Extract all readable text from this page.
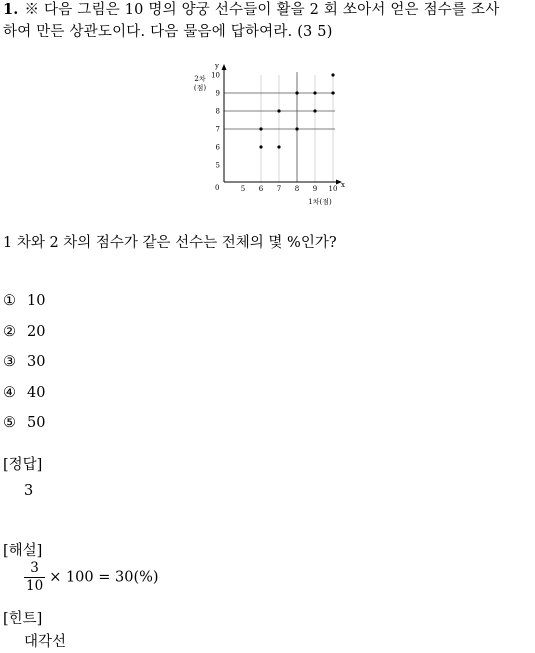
1. ※ 다음 그림은 10 명의 양궁 선수들이 활을 2 회 쏘아서 얻은 점수를 조사
하여 만든 상관도이다. 다음 물음에 답하여라. (3 5)
x
y
0	5 6 7 8 9 10
5
6
7
8
9
10
1차(점)
2차
(점)
1 차와 2 차의 점수가 같은 선수는 전체의 몇 %인가?
① 10
② 20
③ 30
④ 40
⑤ 50
[정답]
3
[해설]
$\frac{3}{10} \times 100 = 30(\%)$
[힌트]
대각선
